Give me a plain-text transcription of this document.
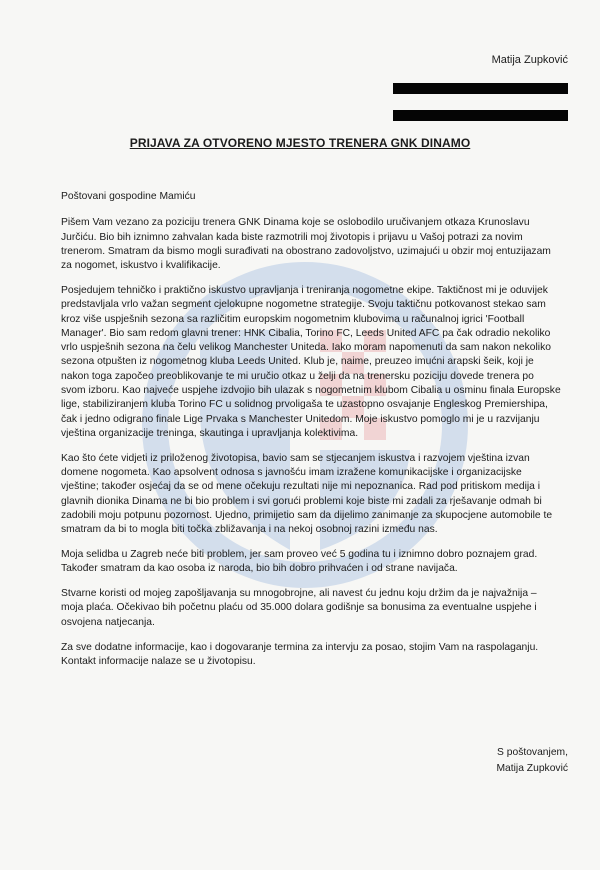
Matija Zupković
PRIJAVA ZA OTVORENO MJESTO TRENERA GNK DINAMO

Poštovani gospodine Mamiću

Pišem Vam vezano za poziciju trenera GNK Dinama koje se oslobodilo uručivanjem otkaza Krunoslavu Jurčiću. Bio bih iznimno zahvalan kada biste razmotrili moj životopis i prijavu u Vašoj potrazi za novim trenerom. Smatram da bismo mogli surađivati na obostrano zadovoljstvo, uzimajući u obzir moj entuzijazam za nogomet, iskustvo i kvalifikacije.

Posjedujem tehničko i praktično iskustvo upravljanja i treniranja nogometne ekipe. Taktičnost mi je oduvijek predstavljala vrlo važan segment cjelokupne nogometne strategije. Svoju taktičnu potkovanost stekao sam kroz više uspješnih sezona sa različitim europskim nogometnim klubovima u računalnoj igrici 'Football Manager'. Bio sam redom glavni trener: HNK Cibalia, Torino FC, Leeds United AFC pa čak odradio nekoliko vrlo uspješnih sezona na čelu velikog Manchester Uniteda. Iako moram napomenuti da sam nakon nekoliko sezona otpušten iz nogometnog kluba Leeds United. Klub je, naime, preuzeo imućni arapski šeik, koji je nakon toga započeo preoblikovanje te mi uručio otkaz u želji da na trenersku poziciju dovede trenera po svom izboru. Kao najveće uspjehe izdvojio bih ulazak s nogometnim klubom Cibalia u osminu finala Europske lige, stabiliziranjem kluba Torino FC u solidnog prvoligaša te uzastopno osvajanje Engleskog Premiershipa, čak i jedno odigrano finale Lige Prvaka s Manchester Unitedom. Moje iskustvo pomoglo mi je u razvijanju vještina organizacije treninga, skautinga i upravljanja kolektivima.

Kao što ćete vidjeti iz priloženog životopisa, bavio sam se stjecanjem iskustva i razvojem vještina izvan domene nogometa. Kao apsolvent odnosa s javnošću imam izražene komunikacijske i organizacijske vještine; također osjećaj da se od mene očekuju rezultati nije mi nepoznanica. Rad pod pritiskom medija i glavnih dionika Dinama ne bi bio problem i svi gorući problemi koje biste mi zadali za rješavanje odmah bi zadobili moju potpunu pozornost. Ujedno, primijetio sam da dijelimo zanimanje za skupocjene automobile te smatram da bi to mogla biti točka zbližavanja i na nekoj osobnoj razini između nas.

Moja selidba u Zagreb neće biti problem, jer sam proveo već 5 godina tu i iznimno dobro poznajem grad. Također smatram da kao osoba iz naroda, bio bih dobro prihvaćen i od strane navijača.

Stvarne koristi od mojeg zapošljavanja su mnogobrojne, ali navest ću jednu koju držim da je najvažnija – moja plaća. Očekivao bih početnu plaću od 35.000 dolara godišnje sa bonusima za eventualne uspjehe i osvojena natjecanja.

Za sve dodatne informacije, kao i dogovaranje termina za intervju za posao, stojim Vam na raspolaganju. Kontakt informacije nalaze se u životopisu.

S poštovanjem,
Matija Zupković
